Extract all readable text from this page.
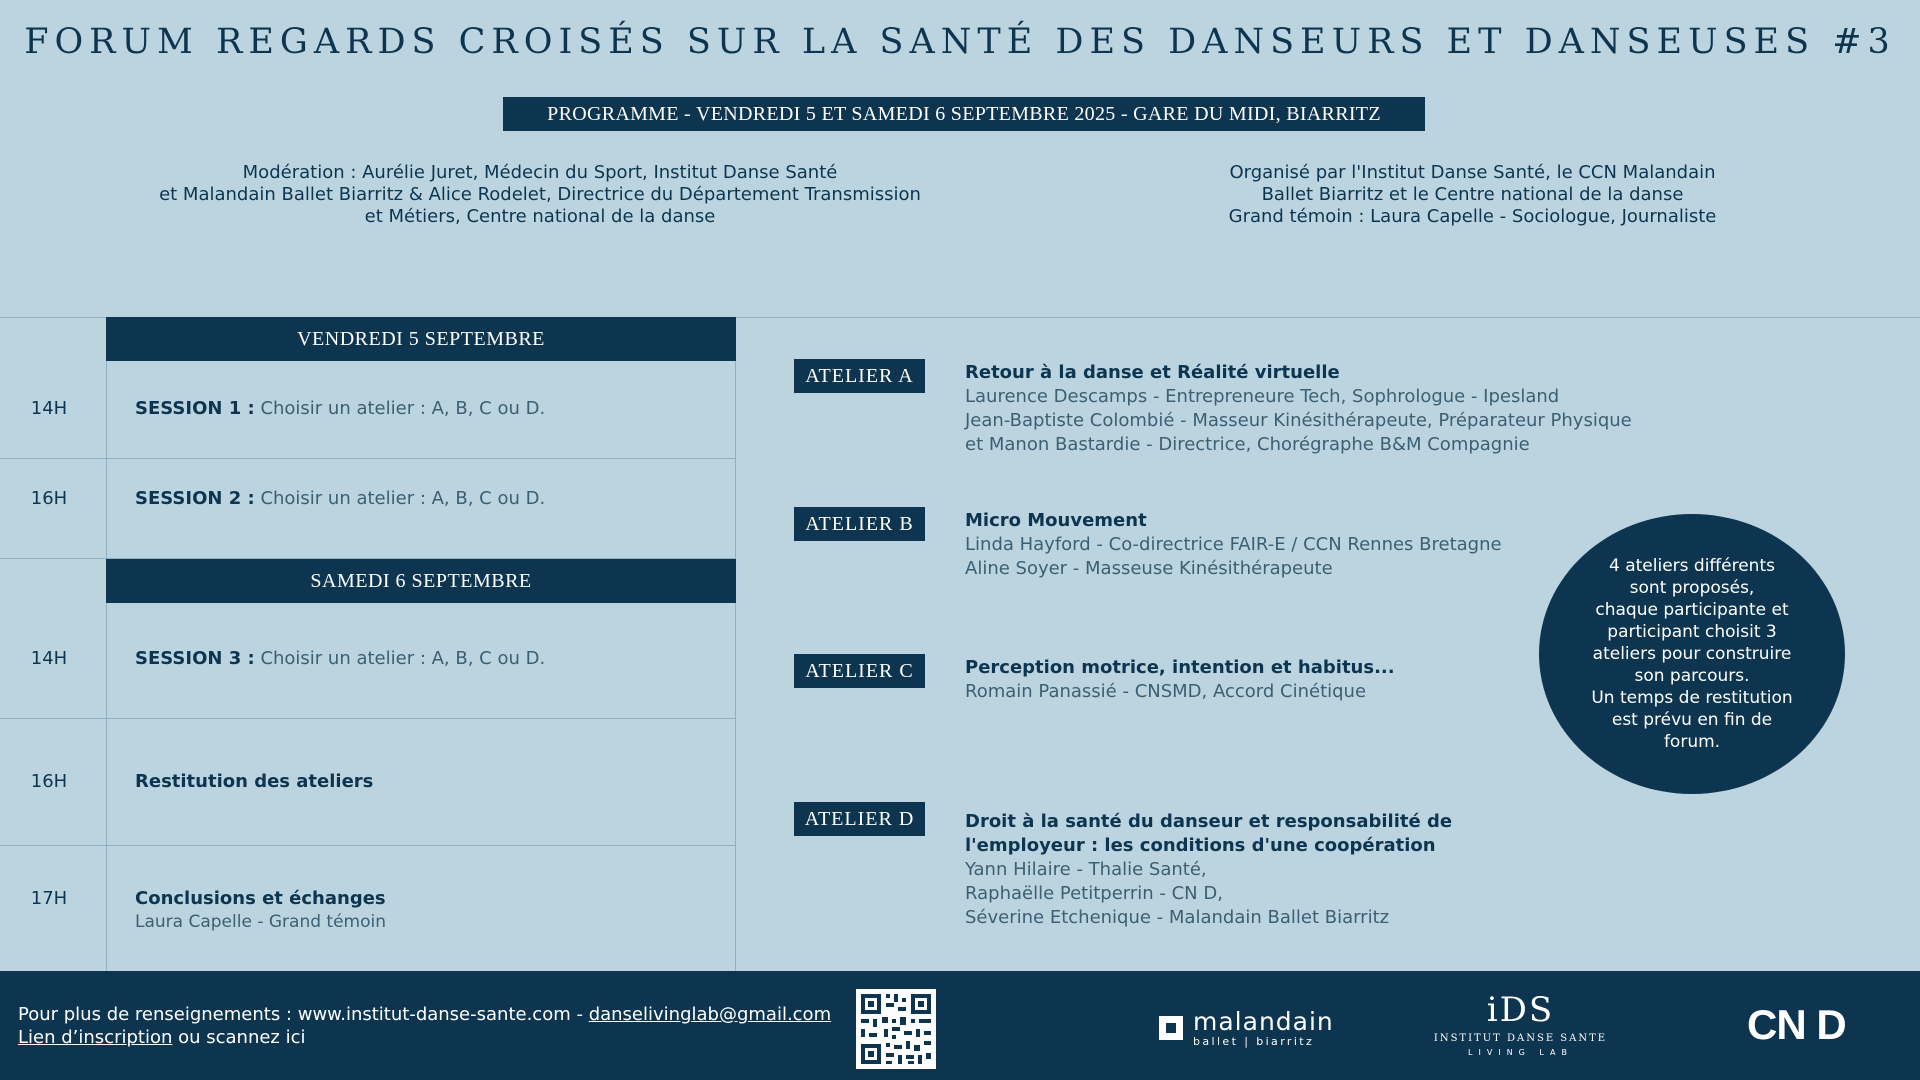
FORUM REGARDS CROISÉS SUR LA SANTÉ DES DANSEURS ET DANSEUSES #3
PROGRAMME - VENDREDI 5 ET SAMEDI 6 SEPTEMBRE 2025 - GARE DU MIDI, BIARRITZ
Modération : Aurélie Juret, Médecin du Sport, Institut Danse Santé
et Malandain Ballet Biarritz & Alice Rodelet, Directrice du Département Transmission
et Métiers, Centre national de la danse
Organisé par l'Institut Danse Santé, le CCN Malandain
Ballet Biarritz et le Centre national de la danse
Grand témoin : Laura Capelle - Sociologue, Journaliste
VENDREDI 5 SEPTEMBRE
14H	SESSION 1 : Choisir un atelier : A, B, C ou D.
16H	SESSION 2 : Choisir un atelier : A, B, C ou D.
SAMEDI 6 SEPTEMBRE
14H	SESSION 3 : Choisir un atelier : A, B, C ou D.
16H	Restitution des ateliers
17H	Conclusions et échanges
Laura Capelle - Grand témoin
ATELIER A	Retour à la danse et Réalité virtuelle
Laurence Descamps - Entrepreneure Tech, Sophrologue - Ipesland
Jean-Baptiste Colombié - Masseur Kinésithérapeute, Préparateur Physique
et Manon Bastardie - Directrice, Chorégraphe B&M Compagnie
ATELIER B	Micro Mouvement
Linda Hayford - Co-directrice FAIR-E / CCN Rennes Bretagne
Aline Soyer - Masseuse Kinésithérapeute
ATELIER C	Perception motrice, intention et habitus...
Romain Panassié - CNSMD, Accord Cinétique
ATELIER D	Droit à la santé du danseur et responsabilité de
l'employeur : les conditions d'une coopération
Yann Hilaire - Thalie Santé,
Raphaëlle Petitperrin - CN D,
Séverine Etchenique - Malandain Ballet Biarritz
4 ateliers différents
sont proposés,
chaque participante et
participant choisit 3
ateliers pour construire
son parcours.
Un temps de restitution
est prévu en fin de
forum.
Pour plus de renseignements : www.institut-danse-sante.com - danselivinglab@gmail.com
Lien d’inscription ou scannez ici
malandain
ballet | biarritz
iDS
INSTITUT DANSE SANTE
LIVING LAB
CN D
